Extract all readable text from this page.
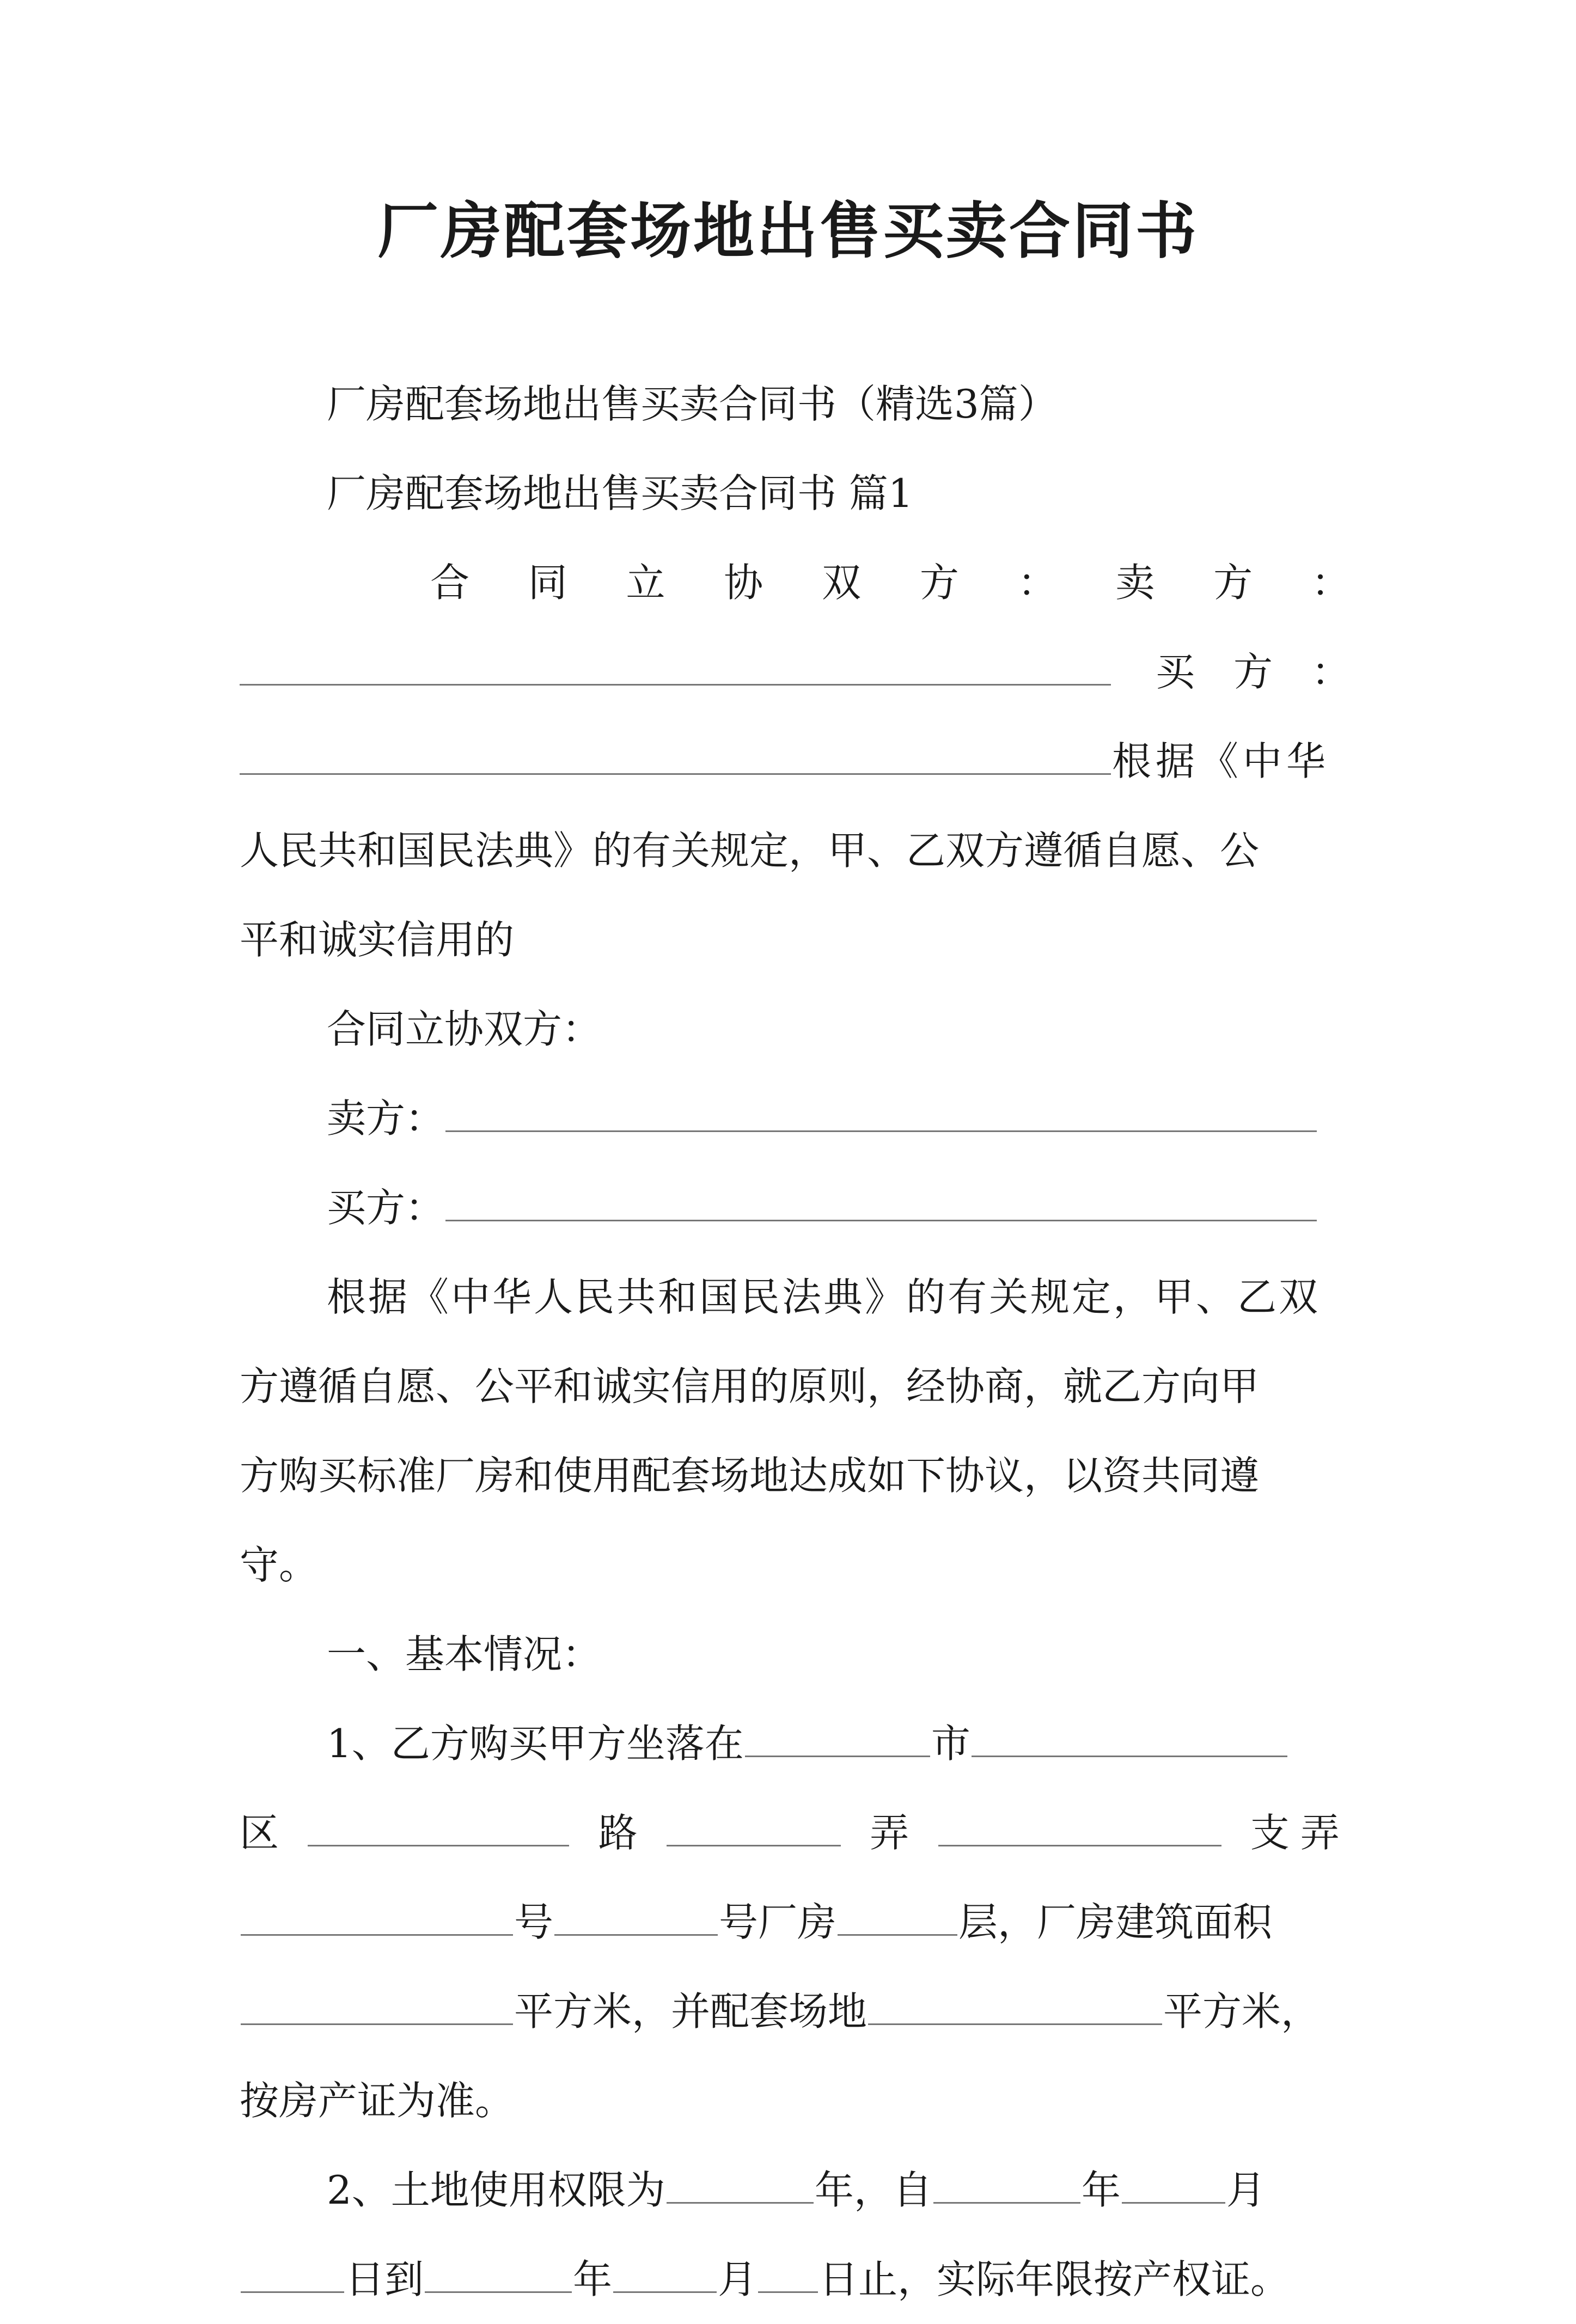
厂房配套场地出售买卖合同书

厂房配套场地出售买卖合同书（精选3篇）

厂房配套场地出售买卖合同书 篇1

合 同 立 协 双 方 ： 卖 方 ：
买 方 ：
根据《中华

人民共和国民法典》的有关规定，甲、乙双方遵循自愿、公

平和诚实信用的

合同立协双方：

卖方：

买方：

根据《中华人民共和国民法典》的有关规定，甲、乙双

方遵循自愿、公平和诚实信用的原则，经协商，就乙方向甲

方购买标准厂房和使用配套场地达成如下协议，以资共同遵

守。

一、基本情况：

1、乙方购买甲方坐落在	市

区	路	弄	支弄

号	号厂房	层，厂房建筑面积

平方米，并配套场地	平方米，

按房产证为准。

2、土地使用权限为	年，自	年	月

日到	年	月 日止，实际年限按产权证。
